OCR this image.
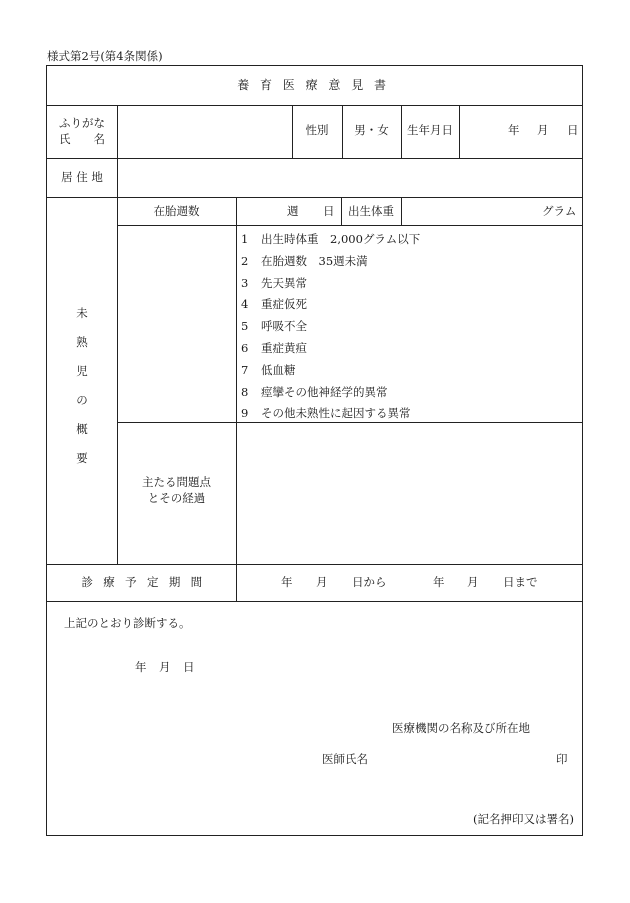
様式第2号(第4条関係)
養育医療意見書
ふりがな
氏　　名
性別	男・女	生年月日	年 月 日
居 住 地
未
熟
児
の
概
要
在胎週数	週 日	出生体重	グラム
1 出生時体重　2,000グラム以下
2 在胎週数　35週未満
3 先天異常
4 重症仮死
5 呼吸不全
6 重症黄疸
7 低血糖
8 痙攣その他神経学的異常
9 その他未熟性に起因する異常
主たる問題点
とその経過
診療予定期間	年 月 日から	年 月 日まで
上記のとおり診断する。
年 月 日
医療機関の名称及び所在地
医師氏名	印
(記名押印又は署名)
